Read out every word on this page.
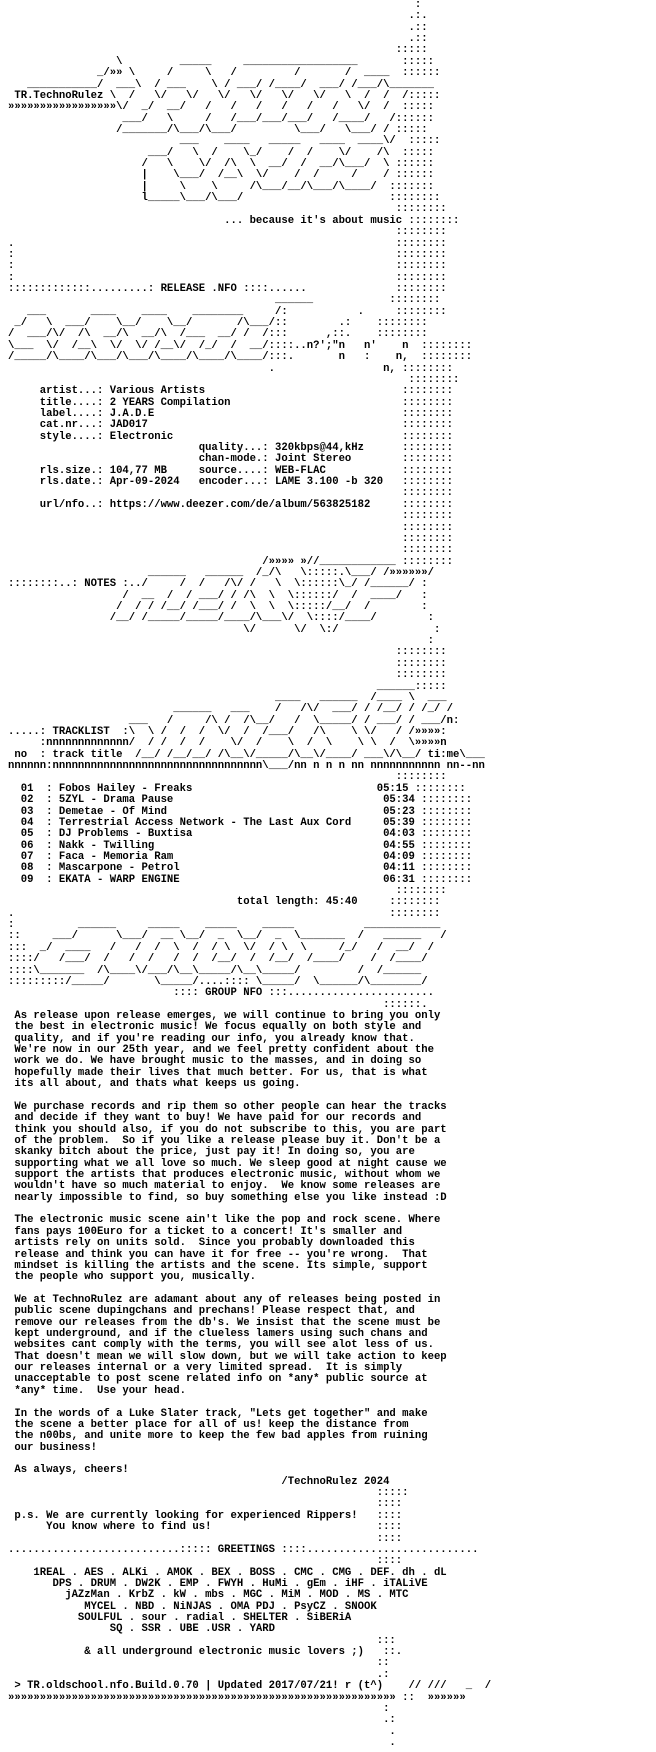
:
.:.
.::
.::
:::::
\         _____     __________________       :::::
_/»» \     /     \   /         /       /  ____  ::::::
___________/  ___\  / ___    \ / ___/ /____/  ___/ /___/\_______
TR.TechnoRulez \  /   \/   \/   \/   \/   \/   \/   \  /  /  /:::::
»»»»»»»»»»»»»»»»»\/  _/  __/   /   /   /   /   /   /   \/  /  :::::
___/   \     /   /___/___/___/   /____/   /::::::
/_______/\___/\___/         \___/   \___/ / :::::
___    ____   _____   ____  ____\/  :::::
___/   \  /    \_/    /  /    \/    /\  :::::
/   \    \/  /\  \  __/  /  __/\___/  \ ::::::
|    \___/  /__\  \/    /  /     /    / ::::::
|     \    \     /\___/__/\___/\____/  :::::::
l_____\___/\___/                       ::::::::
::::::::
... because it's about music ::::::::
::::::::
.                                                            ::::::::
:                                                            ::::::::
:                                                            ::::::::
:                                                            ::::::::
:::::::::::::.........: RELEASE .NFO ::::......              ::::::::
______            ::::::::
___       ____    ____    ________     /:           .     ::::::::
_/   \  ___/    \__/    \__/       /\___/::        .:    ::::::::
/  ___/\/  /\  __/\  __/\  /___  __/ /  /:::      ,::.    ::::::::
\___  \/  /__\  \/  \/ /__\/  /_/  /  __/::::..n?';"n   n'    n  ::::::::
/_____/\____/\___/\___/\____/\____/\____/:::.       n   :    n,  ::::::::
.                 n, ::::::::
::::::::
artist...: Various Artists                               ::::::::
title....: 2 YEARS Compilation                           ::::::::
label....: J.A.D.E                                       ::::::::
cat.nr...: JAD017                                        ::::::::
style....: Electronic                                    ::::::::
quality...: 320kbps@44,kHz      ::::::::
chan-mode.: Joint Stereo        ::::::::
rls.size.: 104,77 MB     source....: WEB-FLAC            ::::::::
rls.date.: Apr-09-2024   encoder...: LAME 3.100 -b 320   ::::::::
::::::::
url/nfo..: https://www.deezer.com/de/album/563825182     ::::::::
::::::::
::::::::
::::::::
::::::::
/»»»» »//____________ ::::::::
______   ______  /_/\   \:::::.\___/ /»»»»»»/
::::::::..: NOTES :../     /  /   /\/ /   \  \::::::\_/ /______/ :
/  __  /  / ___/ / /\  \  \::::::/  /  ____/   :
/  / / /__/ /___/ /  \  \  \:::::/__/  /        :
/__/ /_____/_____/____/\___\/  \::::/____/        :
\/      \/  \:/               :
:
::::::::
::::::::
::::::::
______:::::
____   ______  /____ \  ___
______   ___    /   /\/  ___/ / /__/ / /_/ /
___   /     /\ /  /\__/   /  \_____/ / ___/ / ___/n:
.....: TRACKLIST  :\  \ /  /  /  \/  /  /___/   /\    \ \/   / /»»»»:
:nnnnnnnnnnnnn/  / /  /  /    \/  /    \  /  \    \ \  /  \»»»»n
no  : track title  /__/ /__/__/ /\__\/_____/\__\/____/ ___\/\__/ ti:me\___
nnnnnn:nnnnnnnnnnnnnnnnnnnnnnnnnnnnnnnnn\___/nn n n n nn nnnnnnnnnnn nn--nn
::::::::
01  : Fobos Hailey - Freaks                             05:15 ::::::::
02  : 5ZYL - Drama Pause                                 05:34 ::::::::
03  : Demetae - Of Mind                                  05:23 ::::::::
04  : Terrestrial Access Network - The Last Aux Cord     05:39 ::::::::
05  : DJ Problems - Buxtisa                              04:03 ::::::::
06  : Nakk - Twilling                                    04:55 ::::::::
07  : Faca - Memoria Ram                                 04:09 ::::::::
08  : Mascarpone - Petrol                                04:11 ::::::::
09  : EKATA - WARP ENGINE                                06:31 ::::::::
::::::::
total length: 45:40     ::::::::
.                                                           ::::::::
:          ______     _____    _____    _____           ____________
::     ___/      \___/  __ \__/  _  \__/  _  \_______  /   ______   /
:::  _/  ____   /   /  /  \  /  / \  \/  / \  \     /_/   /  __/  /
::::/   /___/  /   /  /   /  /  /__/  /  /__/  /____/    /  /____/
::::\_______  /\____\/___/\__\_____/\__\_____/         /  /______
:::::::::/_____/       \_____/....:::: \_____/  \______/\________/
:::: GROUP NFO :::.......................
::::::.
As release upon release emerges, we will continue to bring you only
the best in electronic music! We focus equally on both style and
quality, and if you're reading our info, you already know that.
We're now in our 25th year, and we feel pretty confident about the
work we do. We have brought music to the masses, and in doing so
hopefully made their lives that much better. For us, that is what
its all about, and thats what keeps us going.
We purchase records and rip them so other people can hear the tracks
and decide if they want to buy! We have paid for our records and
think you should also, if you do not subscribe to this, you are part
of the problem.  So if you like a release please buy it. Don't be a
skanky bitch about the price, just pay it! In doing so, you are
supporting what we all love so much. We sleep good at night cause we
support the artists that produces electronic music, without whom we
wouldn't have so much material to enjoy.  We know some releases are
nearly impossible to find, so buy something else you like instead :D
The electronic music scene ain't like the pop and rock scene. Where
fans pays 100Euro for a ticket to a concert! It's smaller and
artists rely on units sold.  Since you probably downloaded this
release and think you can have it for free -- you're wrong.  That
mindset is killing the artists and the scene. Its simple, support
the people who support you, musically.
We at TechnoRulez are adamant about any of releases being posted in
public scene dupingchans and prechans! Please respect that, and
remove our releases from the db's. We insist that the scene must be
kept underground, and if the clueless lamers using such chans and
websites cant comply with the terms, you will see alot less of us.
That doesn't mean we will slow down, but we will take action to keep
our releases internal or a very limited spread.  It is simply
unacceptable to post scene related info on *any* public source at
*any* time.  Use your head.
In the words of a Luke Slater track, "Lets get together" and make
the scene a better place for all of us! keep the distance from
the n00bs, and unite more to keep the few bad apples from ruining
our business!
As always, cheers!
/TechnoRulez 2024
:::::
::::
p.s. We are currently looking for experienced Rippers!   ::::
You know where to find us!                          ::::
::::
...........................::::: GREETINGS ::::...........................
::::
1REAL . AES . ALKi . AMOK . BEX . BOSS . CMC . CMG . DEF. dh . dL
DPS . DRUM . DW2K . EMP . FWYH . HuMi . gEm . iHF . iTALiVE
jAZzMan . KrbZ . kW . mbs . MGC . MiM . MOD . MS . MTC
MYCEL . NBD . NiNJAS . OMA PDJ . PsyCZ . SNOOK
SOULFUL . sour . radial . SHELTER . SiBERiA
SQ . SSR . UBE .USR . YARD
:::
& all underground electronic music lovers ;)   ::.
::
.:
> TR.oldschool.nfo.Build.0.70 | Updated 2017/07/21! r (t^)    // ///   _  /
»»»»»»»»»»»»»»»»»»»»»»»»»»»»»»»»»»»»»»»»»»»»»»»»»»»»»»»»»»»»» ::  »»»»»»
:
.:
.
.
